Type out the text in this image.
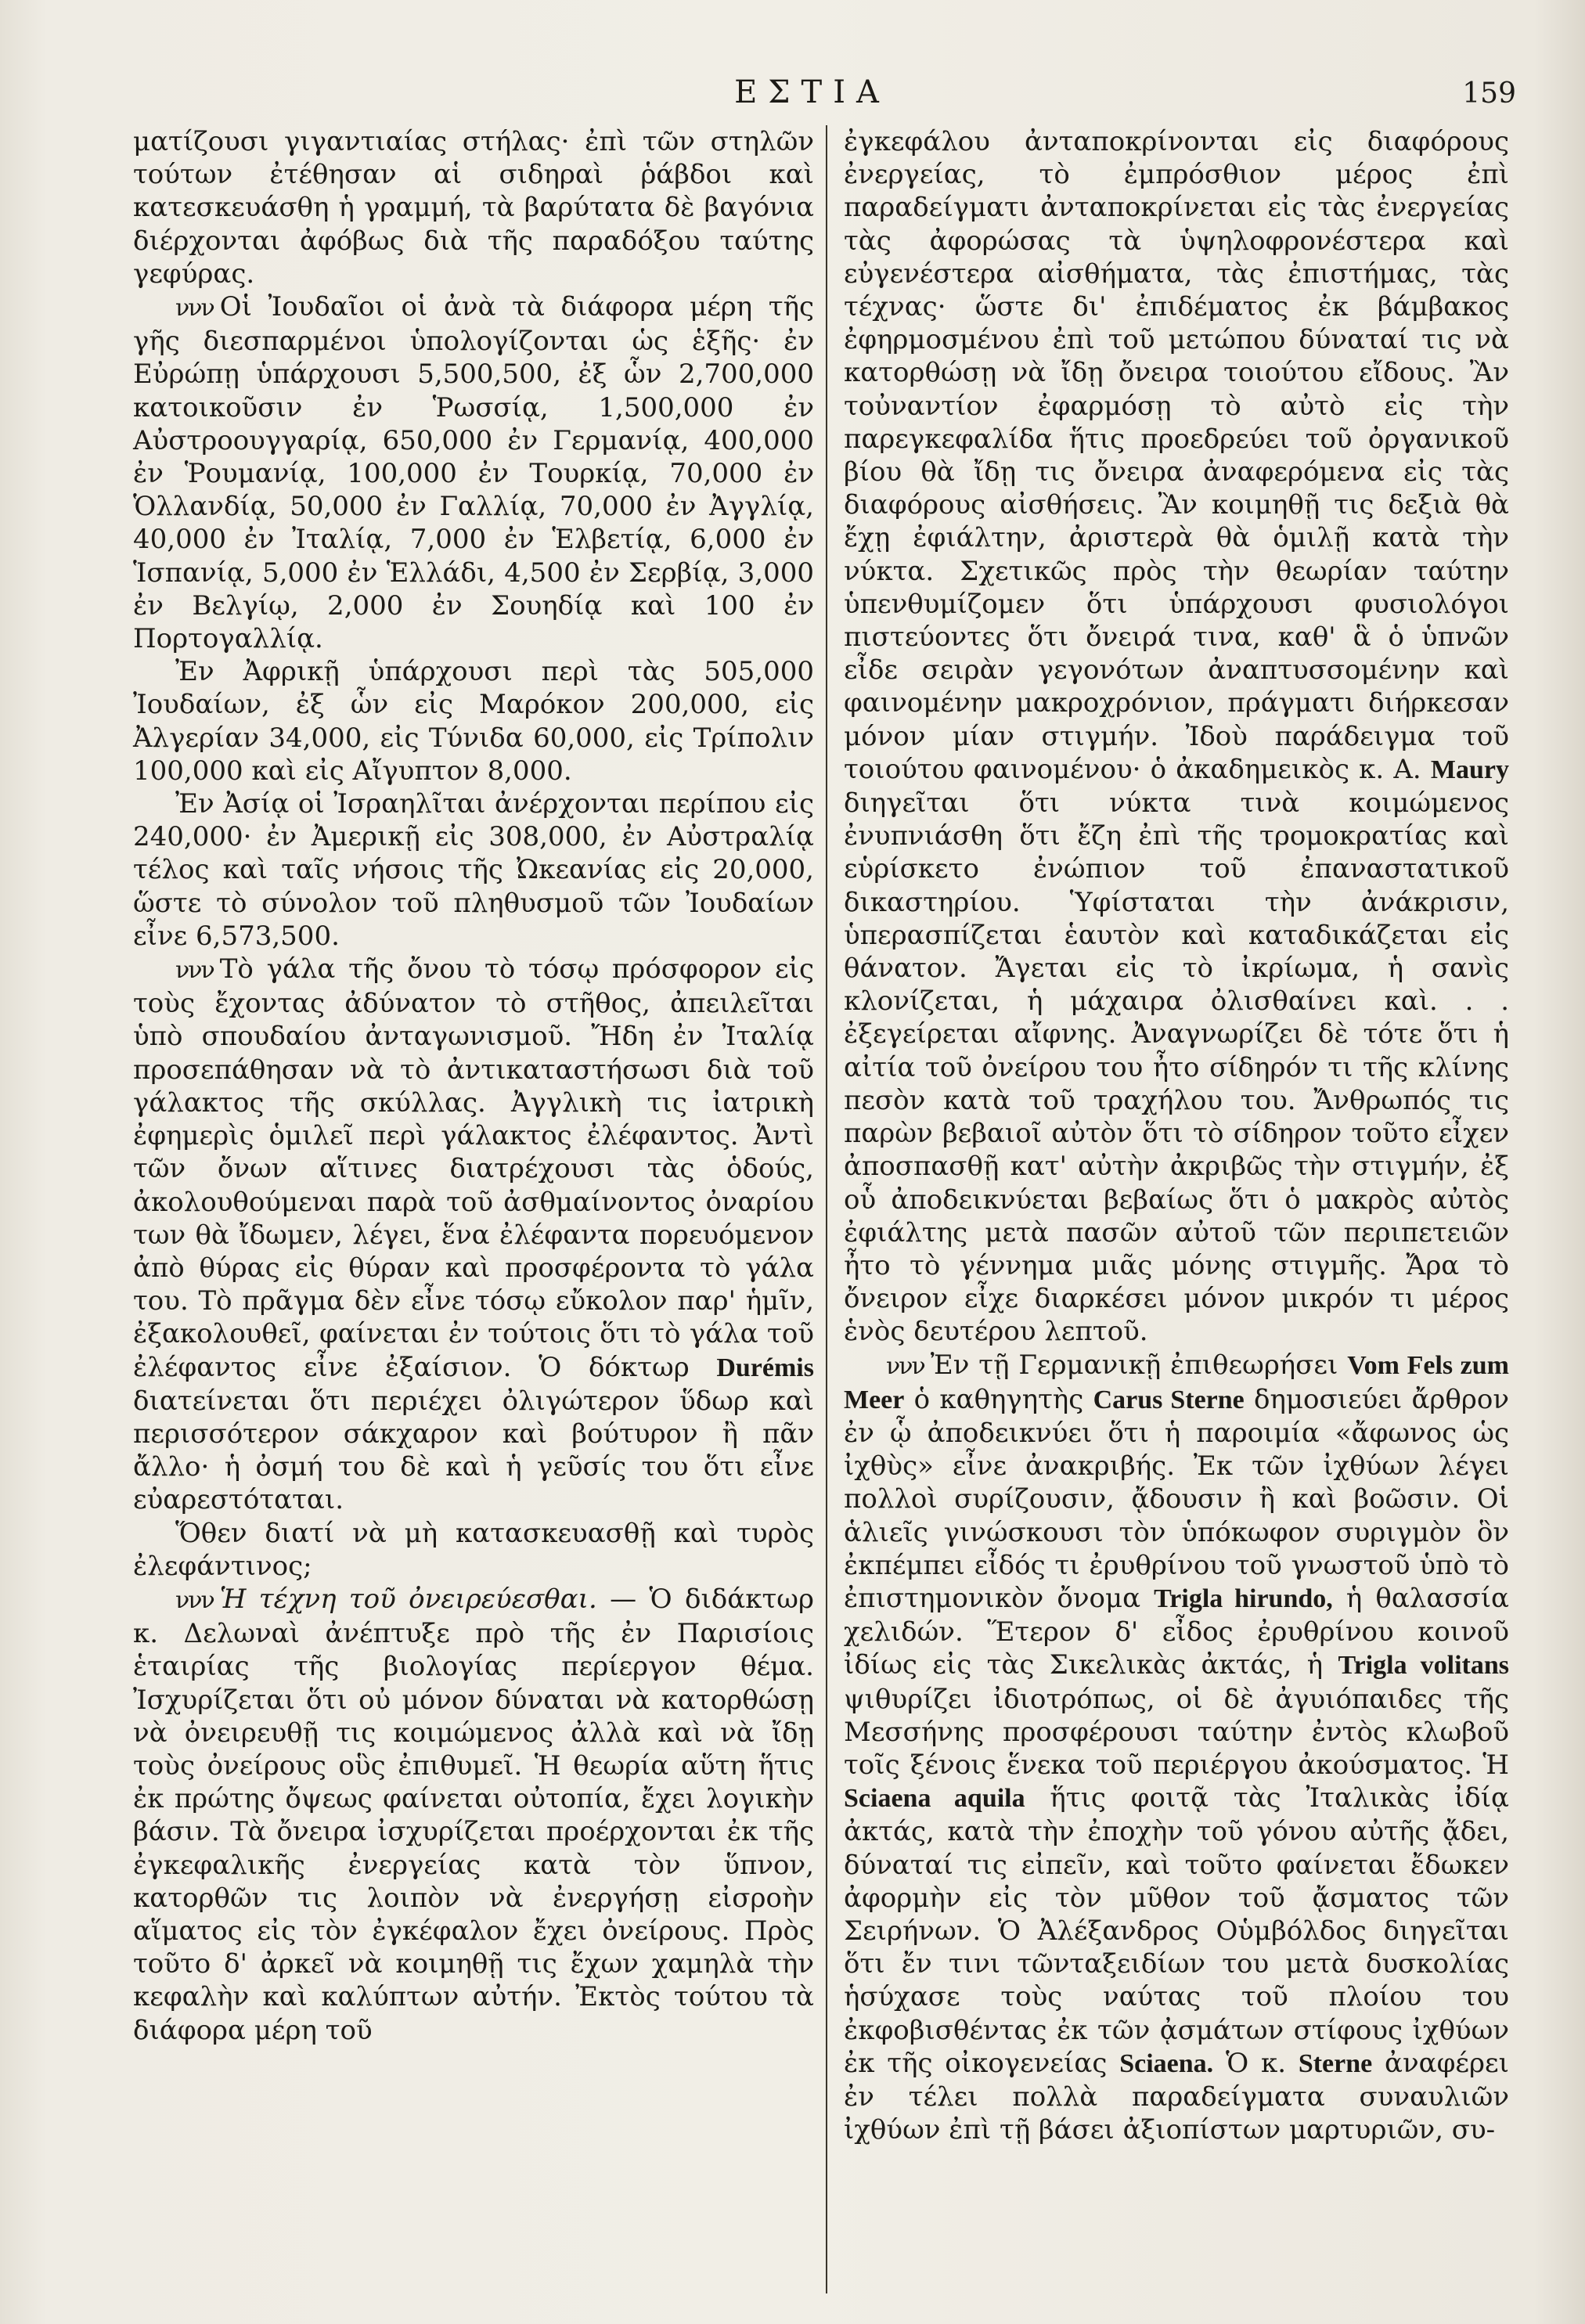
ΕΣΤΙΑ	159

ματίζουσι γιγαντιαίας στήλας· ἐπὶ τῶν στηλῶν τούτων ἐτέθησαν αἱ σιδηραὶ ῥάβδοι καὶ κατεσκευάσθη ἡ γραμμή, τὰ βαρύτατα δὲ βαγόνια διέρχονται ἀφόβως διὰ τῆς παραδόξου ταύτης γεφύρας.

ννν Οἱ Ἰουδαῖοι οἱ ἀνὰ τὰ διάφορα μέρη τῆς γῆς διεσπαρμένοι ὑπολογίζονται ὡς ἑξῆς· ἐν Εὐρώπῃ ὑπάρχουσι 5,500,500, ἐξ ὧν 2,700,000 κατοικοῦσιν ἐν Ῥωσσίᾳ, 1,500,000 ἐν Αὐστροουγγαρίᾳ, 650,000 ἐν Γερμανίᾳ, 400,000 ἐν Ῥουμανίᾳ, 100,000 ἐν Τουρκίᾳ, 70,000 ἐν Ὁλλανδίᾳ, 50,000 ἐν Γαλλίᾳ, 70,000 ἐν Ἀγγλίᾳ, 40,000 ἐν Ἰταλίᾳ, 7,000 ἐν Ἑλβετίᾳ, 6,000 ἐν Ἱσπανίᾳ, 5,000 ἐν Ἑλλάδι, 4,500 ἐν Σερβίᾳ, 3,000 ἐν Βελγίῳ, 2,000 ἐν Σουηδίᾳ καὶ 100 ἐν Πορτογαλλίᾳ.

Ἐν Ἀφρικῇ ὑπάρχουσι περὶ τὰς 505,000 Ἰουδαίων, ἐξ ὧν εἰς Μαρόκον 200,000, εἰς Ἀλγερίαν 34,000, εἰς Τύνιδα 60,000, εἰς Τρίπολιν 100,000 καὶ εἰς Αἴγυπτον 8,000.

Ἐν Ἀσίᾳ οἱ Ἰσραηλῖται ἀνέρχονται περίπου εἰς 240,000· ἐν Ἀμερικῇ εἰς 308,000, ἐν Αὐστραλίᾳ τέλος καὶ ταῖς νήσοις τῆς Ὠκεανίας εἰς 20,000, ὥστε τὸ σύνολον τοῦ πληθυσμοῦ τῶν Ἰουδαίων εἶνε 6,573,500.

ννν Τὸ γάλα τῆς ὄνου τὸ τόσῳ πρόσφορον εἰς τοὺς ἔχοντας ἀδύνατον τὸ στῆθος, ἀπειλεῖται ὑπὸ σπουδαίου ἀνταγωνισμοῦ. Ἤδη ἐν Ἰταλίᾳ προσεπάθησαν νὰ τὸ ἀντικαταστήσωσι διὰ τοῦ γάλακτος τῆς σκύλλας. Ἀγγλικὴ τις ἰατρικὴ ἐφημερὶς ὁμιλεῖ περὶ γάλακτος ἐλέφαντος. Ἀντὶ τῶν ὄνων αἵτινες διατρέχουσι τὰς ὁδούς, ἀκολουθούμεναι παρὰ τοῦ ἀσθμαίνοντος ὀναρίου των θὰ ἴδωμεν, λέγει, ἕνα ἐλέφαντα πορευόμενον ἀπὸ θύρας εἰς θύραν καὶ προσφέροντα τὸ γάλα του. Τὸ πρᾶγμα δὲν εἶνε τόσῳ εὔκολον παρ' ἡμῖν, ἐξακολουθεῖ, φαίνεται ἐν τούτοις ὅτι τὸ γάλα τοῦ ἐλέφαντος εἶνε ἐξαίσιον. Ὁ δόκτωρ Durémis διατείνεται ὅτι περιέχει ὀλιγώτερον ὕδωρ καὶ περισσότερον σάκχαρον καὶ βούτυρον ἢ πᾶν ἄλλο· ἡ ὀσμή του δὲ καὶ ἡ γεῦσίς του ὅτι εἶνε εὐαρεστόταται.

Ὅθεν διατί νὰ μὴ κατασκευασθῇ καὶ τυρὸς ἐλεφάντινος;

ννν Ἡ τέχνη τοῦ ὀνειρεύεσθαι. — Ὁ διδάκτωρ κ. Δελωναὶ ἀνέπτυξε πρὸ τῆς ἐν Παρισίοις ἑταιρίας τῆς βιολογίας περίεργον θέμα. Ἰσχυρίζεται ὅτι οὐ μόνον δύναται νὰ κατορθώσῃ νὰ ὀνειρευθῇ τις κοιμώμενος ἀλλὰ καὶ νὰ ἴδῃ τοὺς ὀνείρους οὓς ἐπιθυμεῖ. Ἡ θεωρία αὕτη ἥτις ἐκ πρώτης ὄψεως φαίνεται οὐτοπία, ἔχει λογικὴν βάσιν. Τὰ ὄνειρα ἰσχυρίζεται προέρχονται ἐκ τῆς ἐγκεφαλικῆς ἐνεργείας κατὰ τὸν ὕπνον, κατορθῶν τις λοιπὸν νὰ ἐνεργήσῃ εἰσροὴν αἵματος εἰς τὸν ἐγκέφαλον ἔχει ὀνείρους. Πρὸς τοῦτο δ' ἀρκεῖ νὰ κοιμηθῇ τις ἔχων χαμηλὰ τὴν κεφαλὴν καὶ καλύπτων αὐτήν. Ἐκτὸς τούτου τὰ διάφορα μέρη τοῦ

ἐγκεφάλου ἀνταποκρίνονται εἰς διαφόρους ἐνεργείας, τὸ ἐμπρόσθιον μέρος ἐπὶ παραδείγματι ἀνταποκρίνεται εἰς τὰς ἐνεργείας τὰς ἀφορώσας τὰ ὑψηλοφρονέστερα καὶ εὐγενέστερα αἰσθήματα, τὰς ἐπιστήμας, τὰς τέχνας· ὥστε δι' ἐπιδέματος ἐκ βάμβακος ἐφηρμοσμένου ἐπὶ τοῦ μετώπου δύναταί τις νὰ κατορθώσῃ νὰ ἴδῃ ὄνειρα τοιούτου εἴδους. Ἂν τοὐναντίον ἐφαρμόσῃ τὸ αὐτὸ εἰς τὴν παρεγκεφαλίδα ἥτις προεδρεύει τοῦ ὀργανικοῦ βίου θὰ ἴδῃ τις ὄνειρα ἀναφερόμενα εἰς τὰς διαφόρους αἰσθήσεις. Ἂν κοιμηθῇ τις δεξιὰ θὰ ἔχῃ ἐφιάλτην, ἀριστερὰ θὰ ὁμιλῇ κατὰ τὴν νύκτα. Σχετικῶς πρὸς τὴν θεωρίαν ταύτην ὑπενθυμίζομεν ὅτι ὑπάρχουσι φυσιολόγοι πιστεύοντες ὅτι ὄνειρά τινα, καθ' ἃ ὁ ὑπνῶν εἶδε σειρὰν γεγονότων ἀναπτυσσομένην καὶ φαινομένην μακροχρόνιον, πράγματι διήρκεσαν μόνον μίαν στιγμήν. Ἰδοὺ παράδειγμα τοῦ τοιούτου φαινομένου· ὁ ἀκαδημεικὸς κ. A. Maury διηγεῖται ὅτι νύκτα τινὰ κοιμώμενος ἐνυπνιάσθη ὅτι ἔζη ἐπὶ τῆς τρομοκρατίας καὶ εὑρίσκετο ἐνώπιον τοῦ ἐπαναστατικοῦ δικαστηρίου. Ὑφίσταται τὴν ἀνάκρισιν, ὑπερασπίζεται ἑαυτὸν καὶ καταδικάζεται εἰς θάνατον. Ἄγεται εἰς τὸ ἰκρίωμα, ἡ σανὶς κλονίζεται, ἡ μάχαιρα ὀλισθαίνει καὶ. . . ἐξεγείρεται αἴφνης. Ἀναγνωρίζει δὲ τότε ὅτι ἡ αἰτία τοῦ ὀνείρου του ἦτο σίδηρόν τι τῆς κλίνης πεσὸν κατὰ τοῦ τραχήλου του. Ἄνθρωπός τις παρὼν βεβαιοῖ αὐτὸν ὅτι τὸ σίδηρον τοῦτο εἶχεν ἀποσπασθῇ κατ' αὐτὴν ἀκριβῶς τὴν στιγμήν, ἐξ οὗ ἀποδεικνύεται βεβαίως ὅτι ὁ μακρὸς αὐτὸς ἐφιάλτης μετὰ πασῶν αὐτοῦ τῶν περιπετειῶν ἦτο τὸ γέννημα μιᾶς μόνης στιγμῆς. Ἄρα τὸ ὄνειρον εἶχε διαρκέσει μόνον μικρόν τι μέρος ἑνὸς δευτέρου λεπτοῦ.

ννν Ἐν τῇ Γερμανικῇ ἐπιθεωρήσει Vom Fels zum Meer ὁ καθηγητὴς Carus Sterne δημοσιεύει ἄρθρον ἐν ᾧ ἀποδεικνύει ὅτι ἡ παροιμία «ἄφωνος ὡς ἰχθὺς» εἶνε ἀνακριβής. Ἐκ τῶν ἰχθύων λέγει πολλοὶ συρίζουσιν, ᾄδουσιν ἢ καὶ βοῶσιν. Οἱ ἁλιεῖς γινώσκουσι τὸν ὑπόκωφον συριγμὸν ὃν ἐκπέμπει εἶδός τι ἐρυθρίνου τοῦ γνωστοῦ ὑπὸ τὸ ἐπιστημονικὸν ὄνομα Trigla hirundo, ἡ θαλασσία χελιδών. Ἕτερον δ' εἶδος ἐρυθρίνου κοινοῦ ἰδίως εἰς τὰς Σικελικὰς ἀκτάς, ἡ Trigla volitans ψιθυρίζει ἰδιοτρόπως, οἱ δὲ ἀγυιόπαιδες τῆς Μεσσήνης προσφέρουσι ταύτην ἐντὸς κλωβοῦ τοῖς ξένοις ἕνεκα τοῦ περιέργου ἀκούσματος. Ἡ Sciaena aquila ἥτις φοιτᾷ τὰς Ἰταλικὰς ἰδίᾳ ἀκτάς, κατὰ τὴν ἐποχὴν τοῦ γόνου αὐτῆς ᾄδει, δύναταί τις εἰπεῖν, καὶ τοῦτο φαίνεται ἔδωκεν ἀφορμὴν εἰς τὸν μῦθον τοῦ ᾄσματος τῶν Σειρήνων. Ὁ Ἀλέξανδρος Οὑμβόλδος διηγεῖται ὅτι ἔν τινι τῶνταξειδίων του μετὰ δυσκολίας ἡσύχασε τοὺς ναύτας τοῦ πλοίου του ἐκφοβισθέντας ἐκ τῶν ᾀσμάτων στίφους ἰχθύων ἐκ τῆς οἰκογενείας Sciaena. Ὁ κ. Sterne ἀναφέρει ἐν τέλει πολλὰ παραδείγματα συναυλιῶν ἰχθύων ἐπὶ τῇ βάσει ἀξιοπίστων μαρτυριῶν, συ-
